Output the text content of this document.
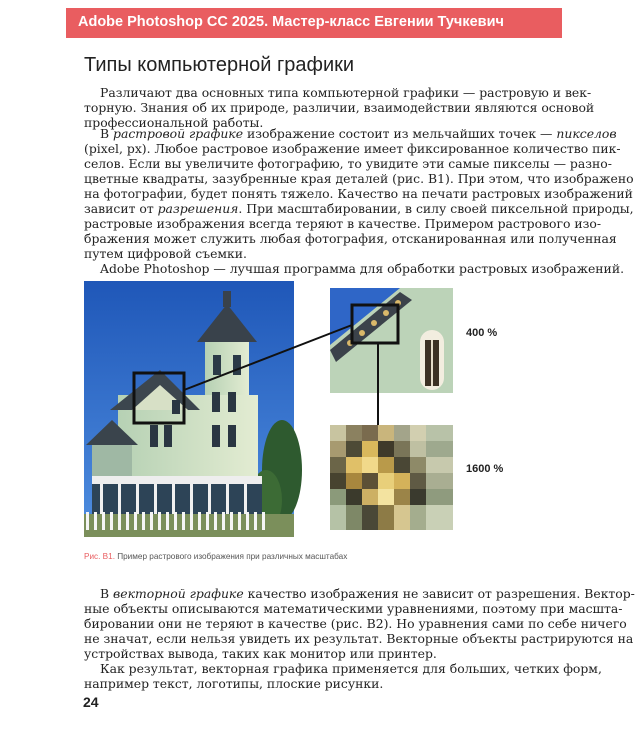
Adobe Photoshop CC 2025. Мастер-класс Евгении Тучкевич
Типы компьютерной графики
Различают два основных типа компьютерной графики — растровую и век-
торную. Знания об их природе, различии, взаимодействии являются основой
профессиональной работы.
В растровой графике изображение состоит из мельчайших точек — пикселов
(pixel, px). Любое растровое изображение имеет фиксированное количество пик-
селов. Если вы увеличите фотографию, то увидите эти самые пикселы — разно-
цветные квадраты, зазубренные края деталей (рис. В1). При этом, что изображено
на фотографии, будет понять тяжело. Качество на печати растровых изображений
зависит от разрешения. При масштабировании, в силу своей пиксельной природы,
растровые изображения всегда теряют в качестве. Примером растрового изо-
бражения может служить любая фотография, отсканированная или полученная
путем цифровой съемки.
Adobe Photoshop — лучшая программа для обработки растровых изображений.
400 %
1600 %
Рис. В1. Пример растрового изображения при различных масштабах
В векторной графике качество изображения не зависит от разрешения. Вектор-
ные объекты описываются математическими уравнениями, поэтому при масшта-
бировании они не теряют в качестве (рис. В2). Но уравнения сами по себе ничего
не значат, если нельзя увидеть их результат. Векторные объекты растрируются на
устройствах вывода, таких как монитор или принтер.
Как результат, векторная графика применяется для больших, четких форм,
например текст, логотипы, плоские рисунки.
24
